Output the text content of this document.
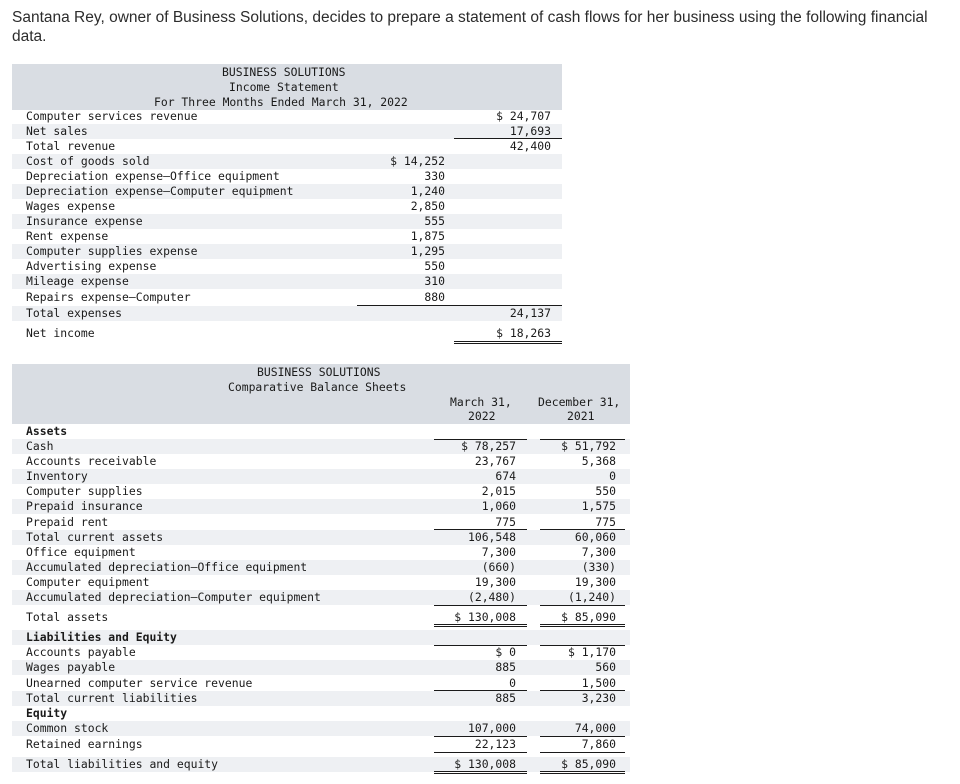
Santana Rey, owner of Business Solutions, decides to prepare a statement of cash flows for her business using the following financial data.
BUSINESS SOLUTIONS
Income Statement
For Three Months Ended March 31, 2022
Computer services revenue	$ 24,707
Net sales	17,693
Total revenue	42,400
Cost of goods sold	$ 14,252
Depreciation expense—Office equipment	330
Depreciation expense—Computer equipment	1,240
Wages expense	2,850
Insurance expense	555
Rent expense	1,875
Computer supplies expense	1,295
Advertising expense	550
Mileage expense	310
Repairs expense—Computer	880
Total expenses	24,137
Net income	$ 18,263
BUSINESS SOLUTIONS
Comparative Balance Sheets
March 31,
2022
December 31,
2021
Assets
Cash	$ 78,257	$ 51,792
Accounts receivable	23,767	5,368
Inventory	674	0
Computer supplies	2,015	550
Prepaid insurance	1,060	1,575
Prepaid rent	775	775
Total current assets	106,548	60,060
Office equipment	7,300	7,300
Accumulated depreciation—Office equipment	(660)	(330)
Computer equipment	19,300	19,300
Accumulated depreciation—Computer equipment	(2,480)	(1,240)
Total assets	$ 130,008	$ 85,090
Liabilities and Equity
Accounts payable	$ 0	$ 1,170
Wages payable	885	560
Unearned computer service revenue	0	1,500
Total current liabilities	885	3,230
Equity
Common stock	107,000	74,000
Retained earnings	22,123	7,860
Total liabilities and equity	$ 130,008	$ 85,090
